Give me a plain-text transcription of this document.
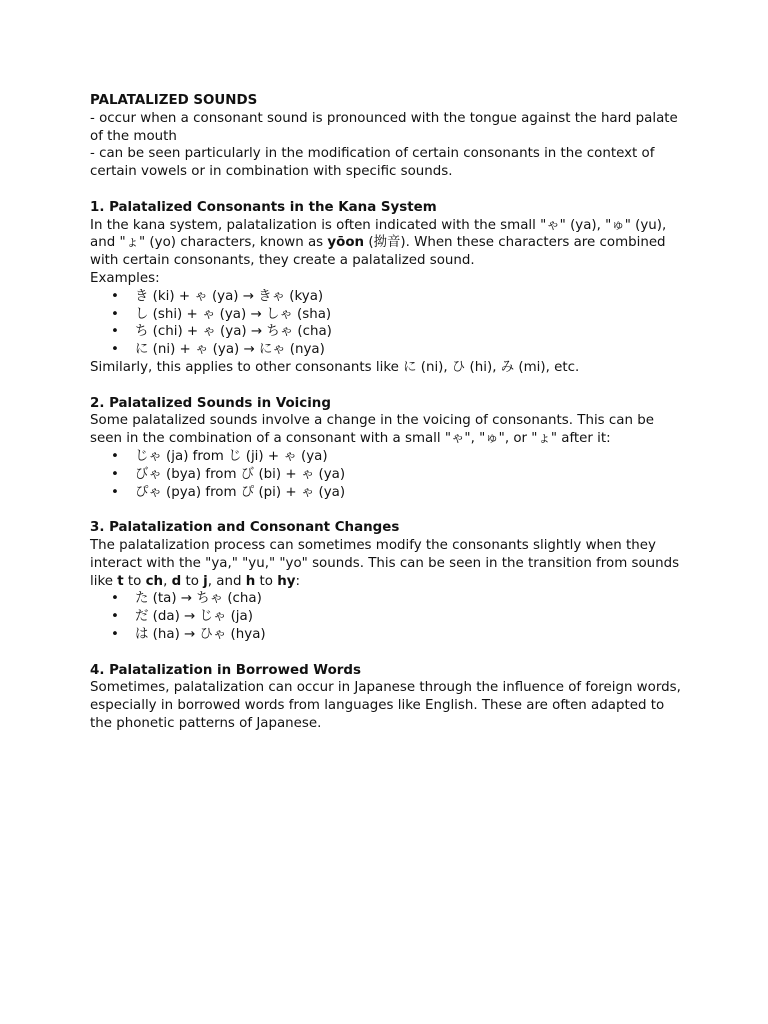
PALATALIZED SOUNDS

- occur when a consonant sound is pronounced with the tongue against the hard palate of the mouth

- can be seen particularly in the modification of certain consonants in the context of certain vowels or in combination with specific sounds.

1. Palatalized Consonants in the Kana System

In the kana system, palatalization is often indicated with the small "ゃ" (ya), "ゅ" (yu), and "ょ" (yo) characters, known as yōon (拗音). When these characters are combined with certain consonants, they create a palatalized sound.

Examples:

• き (ki) + ゃ (ya) → きゃ (kya)
• し (shi) + ゃ (ya) → しゃ (sha)
• ち (chi) + ゃ (ya) → ちゃ (cha)
• に (ni) + ゃ (ya) → にゃ (nya)

Similarly, this applies to other consonants like に (ni), ひ (hi), み (mi), etc.

2. Palatalized Sounds in Voicing

Some palatalized sounds involve a change in the voicing of consonants. This can be seen in the combination of a consonant with a small "ゃ", "ゅ", or "ょ" after it:

• じゃ (ja) from じ (ji) + ゃ (ya)
• びゃ (bya) from び (bi) + ゃ (ya)
• ぴゃ (pya) from ぴ (pi) + ゃ (ya)

3. Palatalization and Consonant Changes

The palatalization process can sometimes modify the consonants slightly when they interact with the "ya," "yu," "yo" sounds. This can be seen in the transition from sounds like t to ch, d to j, and h to hy:

• た (ta) → ちゃ (cha)
• だ (da) → じゃ (ja)
• は (ha) → ひゃ (hya)

4. Palatalization in Borrowed Words

Sometimes, palatalization can occur in Japanese through the influence of foreign words, especially in borrowed words from languages like English. These are often adapted to the phonetic patterns of Japanese.
